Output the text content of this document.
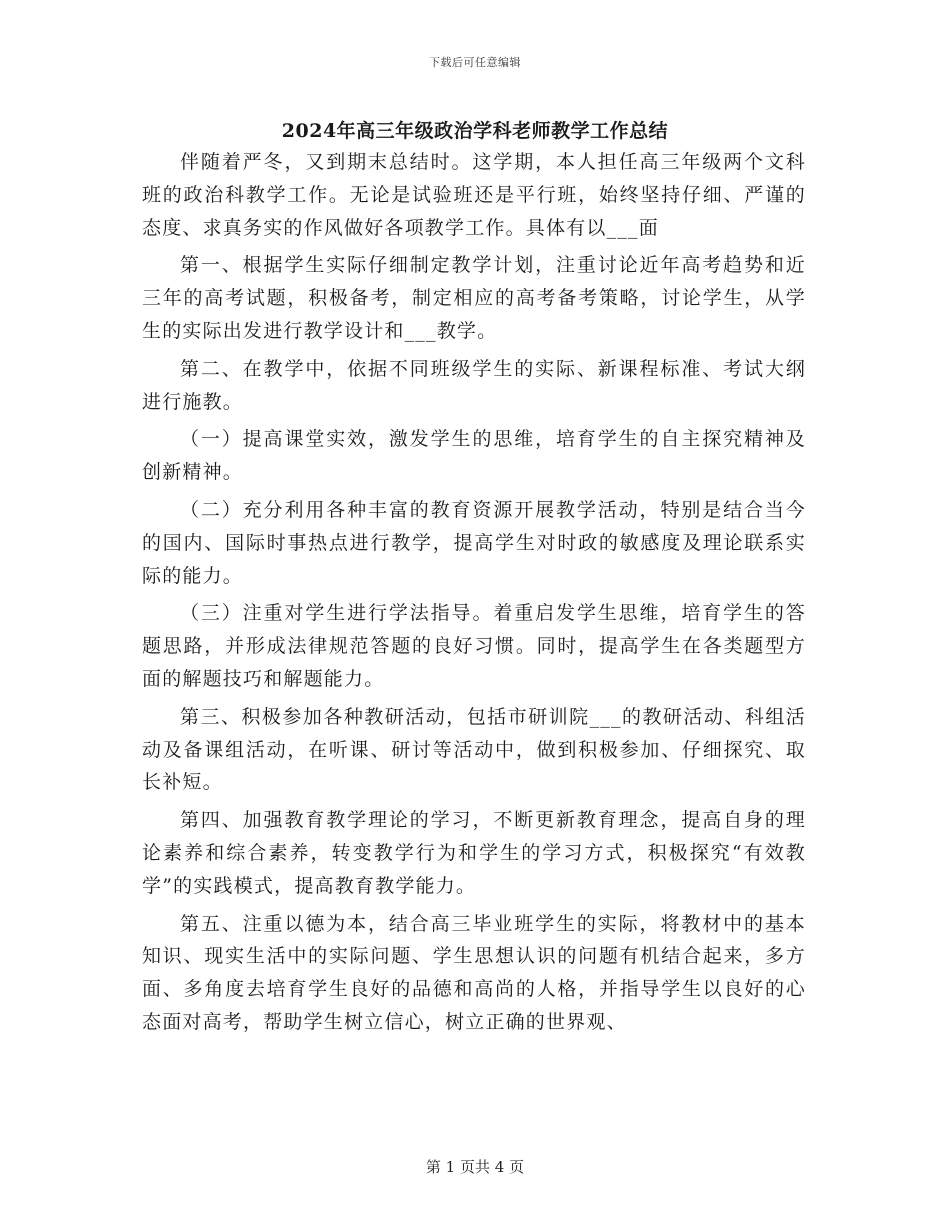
下载后可任意编辑
2024年高三年级政治学科老师教学工作总结

伴随着严冬，又到期末总结时。这学期，本人担任高三年级两个文科班的政治科教学工作。无论是试验班还是平行班，始终坚持仔细、严谨的态度、求真务实的作风做好各项教学工作。具体有以___面

第一、根据学生实际仔细制定教学计划，注重讨论近年高考趋势和近三年的高考试题，积极备考，制定相应的高考备考策略，讨论学生，从学生的实际出发进行教学设计和___教学。

第二、在教学中，依据不同班级学生的实际、新课程标准、考试大纲进行施教。

（一）提高课堂实效，激发学生的思维，培育学生的自主探究精神及创新精神。

（二）充分利用各种丰富的教育资源开展教学活动，特别是结合当今的国内、国际时事热点进行教学，提高学生对时政的敏感度及理论联系实际的能力。

（三）注重对学生进行学法指导。着重启发学生思维，培育学生的答题思路，并形成法律规范答题的良好习惯。同时，提高学生在各类题型方面的解题技巧和解题能力。

第三、积极参加各种教研活动，包括市研训院___的教研活动、科组活动及备课组活动，在听课、研讨等活动中，做到积极参加、仔细探究、取长补短。

第四、加强教育教学理论的学习，不断更新教育理念，提高自身的理论素养和综合素养，转变教学行为和学生的学习方式，积极探究“有效教学”的实践模式，提高教育教学能力。

第五、注重以德为本，结合高三毕业班学生的实际，将教材中的基本知识、现实生活中的实际问题、学生思想认识的问题有机结合起来，多方面、多角度去培育学生良好的品德和高尚的人格，并指导学生以良好的心态面对高考，帮助学生树立信心，树立正确的世界观、

第 1 页共 4 页
